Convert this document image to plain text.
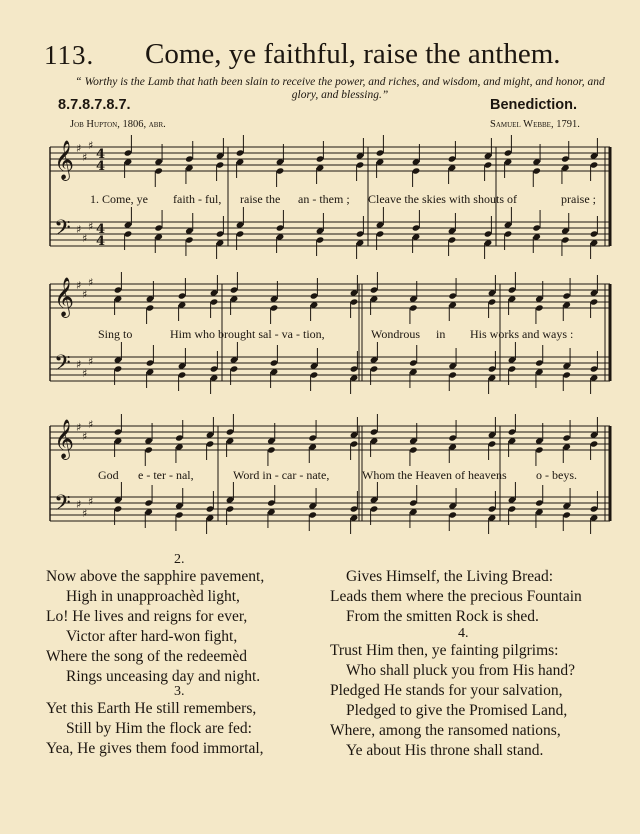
113. Come, ye faithful, raise the anthem.
“ Worthy is the Lamb that hath been slain to receive the power, and riches, and wisdom, and might, and honor, and glory, and blessing.”
8.7.8.7.8.7.	Benediction.
Job Hupton, 1806, abr.	Samuel Webbe, 1791.
𝄞
𝄢
♯
♯
♯
♯
♯
♯
4
4
4
4
𝄞
𝄢
♯
♯
♯
♯
♯
♯
𝄞
𝄢
♯
♯
♯
♯
♯
♯
1. Come, ye faith - ful, raise the an - them ; Cleave the skies with shouts of	praise ;
Sing to	Him who brought sal - va - tion,	Wondrous in His works and ways :
God e - ter - nal,	Word in - car - nate,	Whom the Heaven of heavens o - beys.
2.
Now above the sapphire pavement,
High in unapproachèd light,
Lo! He lives and reigns for ever,
Victor after hard-won fight,
Where the song of the redeemèd
Rings unceasing day and night.
3.
Yet this Earth He still remembers,
Still by Him the flock are fed:
Yea, He gives them food immortal,
Gives Himself, the Living Bread:
Leads them where the precious Fountain
From the smitten Rock is shed.
4.
Trust Him then, ye fainting pilgrims:
Who shall pluck you from His hand?
Pledged He stands for your salvation,
Pledged to give the Promised Land,
Where, among the ransomed nations,
Ye about His throne shall stand.
